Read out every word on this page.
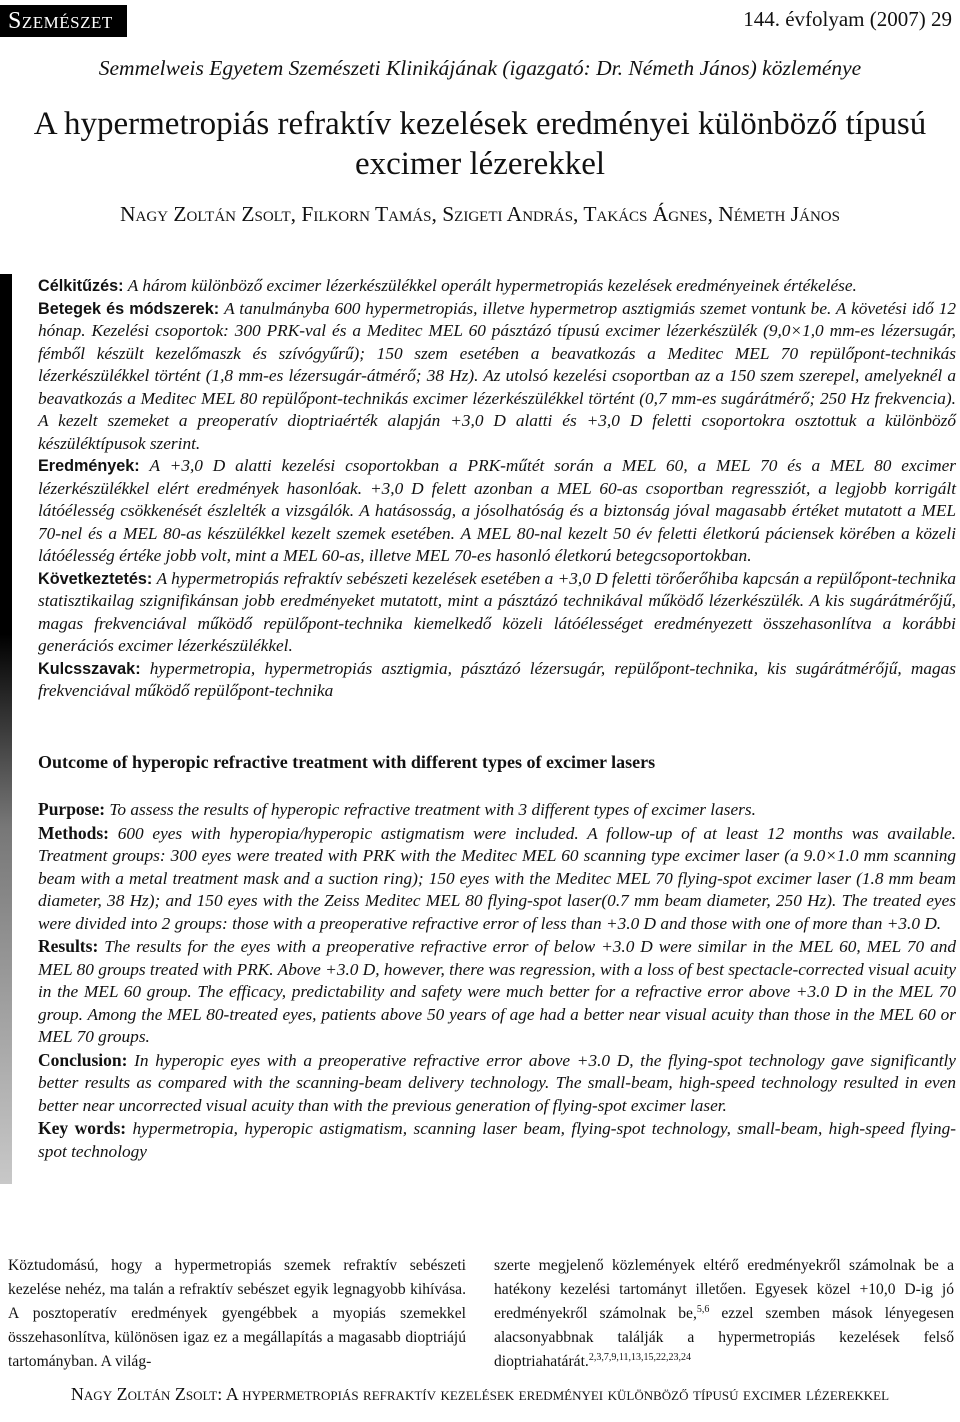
Szemészet	144. évfolyam (2007) 29
Semmelweis Egyetem Szemészeti Klinikájának (igazgató: Dr. Németh János) közleménye
A hypermetropiás refraktív kezelések eredményei különböző típusú
excimer lézerekkel
Nagy Zoltán Zsolt, Filkorn Tamás, Szigeti András, Takács Ágnes, Németh János

Célkitűzés: A három különböző excimer lézerkészülékkel operált hypermetropiás kezelések eredményeinek értékelése.

Betegek és módszerek: A tanulmányba 600 hypermetropiás, illetve hypermetrop asztigmiás szemet vontunk be. A követési idő 12 hónap. Kezelési csoportok: 300 PRK-val és a Meditec MEL 60 pásztázó típusú excimer lézerkészülék (9,0×1,0 mm-es lézersugár, fémből készült kezelőmaszk és szívógyűrű); 150 szem esetében a beavatkozás a Meditec MEL 70 repülőpont-technikás lézerkészülékkel történt (1,8 mm-es lézersugár-átmérő; 38 Hz). Az utolsó kezelési csoportban az a 150 szem szerepel, amelyeknél a beavatkozás a Meditec MEL 80 repülőpont-technikás excimer lézerkészülékkel történt (0,7 mm-es sugárátmérő; 250 Hz frekvencia). A kezelt szemeket a preoperatív dioptriaérték alapján +3,0 D alatti és +3,0 D feletti csoportokra osztottuk a különböző készüléktípusok szerint.

Eredmények: A +3,0 D alatti kezelési csoportokban a PRK-műtét során a MEL 60, a MEL 70 és a MEL 80 excimer lézerkészülékkel elért eredmények hasonlóak. +3,0 D felett azonban a MEL 60-as csoportban regressziót, a legjobb korrigált látóélesség csökkenését észlelték a vizsgálók. A hatásosság, a jósolhatóság és a biztonság jóval magasabb értéket mutatott a MEL 70-nel és a MEL 80-as készülékkel kezelt szemek esetében. A MEL 80-nal kezelt 50 év feletti életkorú páciensek körében a közeli látóélesség értéke jobb volt, mint a MEL 60-as, illetve MEL 70-es hasonló életkorú betegcsoportokban.

Következtetés: A hypermetropiás refraktív sebészeti kezelések esetében a +3,0 D feletti törőerőhiba kapcsán a repülőpont-technika statisztikailag szignifikánsan jobb eredményeket mutatott, mint a pásztázó technikával működő lézerkészülék. A kis sugárátmérőjű, magas frekvenciával működő repülőpont-technika kiemelkedő közeli látóélességet eredményezett összehasonlítva a korábbi generációs excimer lézerkészülékkel.

Kulcsszavak: hypermetropia, hypermetropiás asztigmia, pásztázó lézersugár, repülőpont-technika, kis sugárátmérőjű, magas frekvenciával működő repülőpont-technika

Outcome of hyperopic refractive treatment with different types of excimer lasers

Purpose: To assess the results of hyperopic refractive treatment with 3 different types of excimer lasers.

Methods: 600 eyes with hyperopia/hyperopic astigmatism were included. A follow-up of at least 12 months was available. Treatment groups: 300 eyes were treated with PRK with the Meditec MEL 60 scanning type excimer laser (a 9.0×1.0 mm scanning beam with a metal treatment mask and a suction ring); 150 eyes with the Meditec MEL 70 flying-spot excimer laser (1.8 mm beam diameter, 38 Hz); and 150 eyes with the Zeiss Meditec MEL 80 flying-spot laser(0.7 mm beam diameter, 250 Hz). The treated eyes were divided into 2 groups: those with a preoperative refractive error of less than +3.0 D and those with one of more than +3.0 D.

Results: The results for the eyes with a preoperative refractive error of below +3.0 D were similar in the MEL 60, MEL 70 and MEL 80 groups treated with PRK. Above +3.0 D, however, there was regression, with a loss of best spectacle-corrected visual acuity in the MEL 60 group. The efficacy, predictability and safety were much better for a refractive error above +3.0 D in the MEL 70 group. Among the MEL 80-treated eyes, patients above 50 years of age had a better near visual acuity than those in the MEL 60 or MEL 70 groups.

Conclusion: In hyperopic eyes with a preoperative refractive error above +3.0 D, the flying-spot technology gave significantly better results as compared with the scanning-beam delivery technology. The small-beam, high-speed technology resulted in even better near uncorrected visual acuity than with the previous generation of flying-spot excimer laser.

Key words: hypermetropia, hyperopic astigmatism, scanning laser beam, flying-spot technology, small-beam, high-speed flying-spot technology

Köztudomású, hogy a hypermetropiás szemek refraktív sebészeti kezelése nehéz, ma talán a refraktív sebészet egyik legnagyobb kihívása. A posztoperatív eredmények gyengébbek a myopiás szemekkel összehasonlítva, különösen igaz ez a megállapítás a magasabb dioptriájú tartományban. A világ-
szerte megjelenő közlemények eltérő eredményekről számolnak be a hatékony kezelési tartományt illetően. Egyesek közel +10,0 D-ig jó eredményekről számolnak be,$^{5,6}$ ezzel szemben mások lényegesen alacsonyabbnak találják a hypermetropiás kezelések felső dioptriahatárát.$^{2,3,7,9,11,13,15,22,23,24}$
Nagy Zoltán Zsolt: A hypermetropiás refraktív kezelések eredményei különböző típusú excimer lézerekkel
